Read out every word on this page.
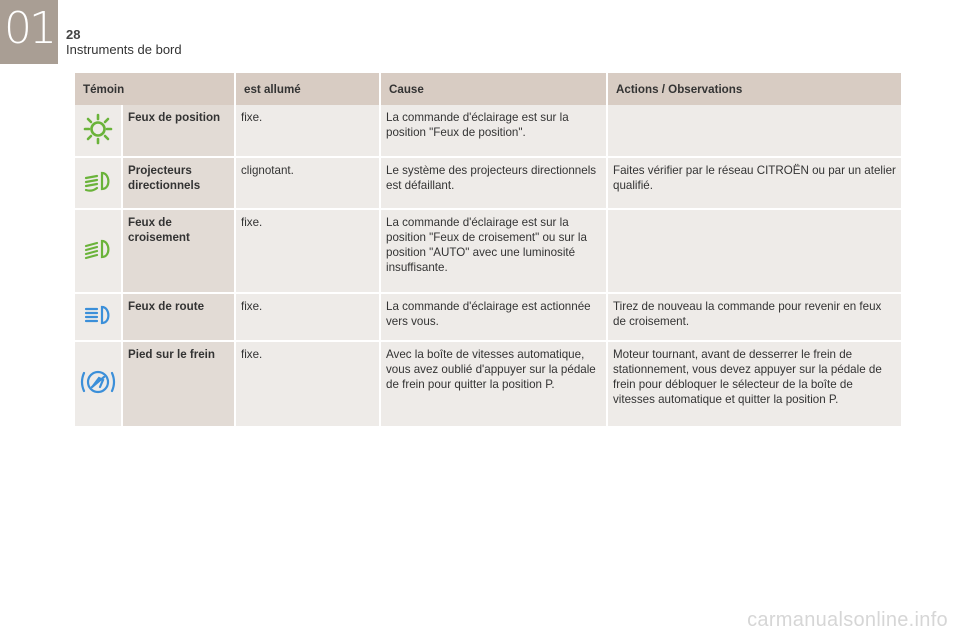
01 28
Instruments de bord
Témoin		est allumé	Cause	Actions / Observations
	Feux de position	fixe.	La commande d'éclairage est sur la position "Feux de position".	
	Projecteurs directionnels	clignotant.	Le système des projecteurs directionnels est défaillant.	Faites vérifier par le réseau CITROËN ou par un atelier qualifié.
	Feux de croisement	fixe.	La commande d'éclairage est sur la position "Feux de croisement" ou sur la position "AUTO" avec une luminosité insuffisante.	
	Feux de route	fixe.	La commande d'éclairage est actionnée vers vous.	Tirez de nouveau la commande pour revenir en feux de croisement.
	Pied sur le frein	fixe.	Avec la boîte de vitesses automatique, vous avez oublié d'appuyer sur la pédale de frein pour quitter la position P.	Moteur tournant, avant de desserrer le frein de stationnement, vous devez appuyer sur la pédale de frein pour débloquer le sélecteur de la boîte de vitesses automatique et quitter la position P.
carmanualsonline.info
